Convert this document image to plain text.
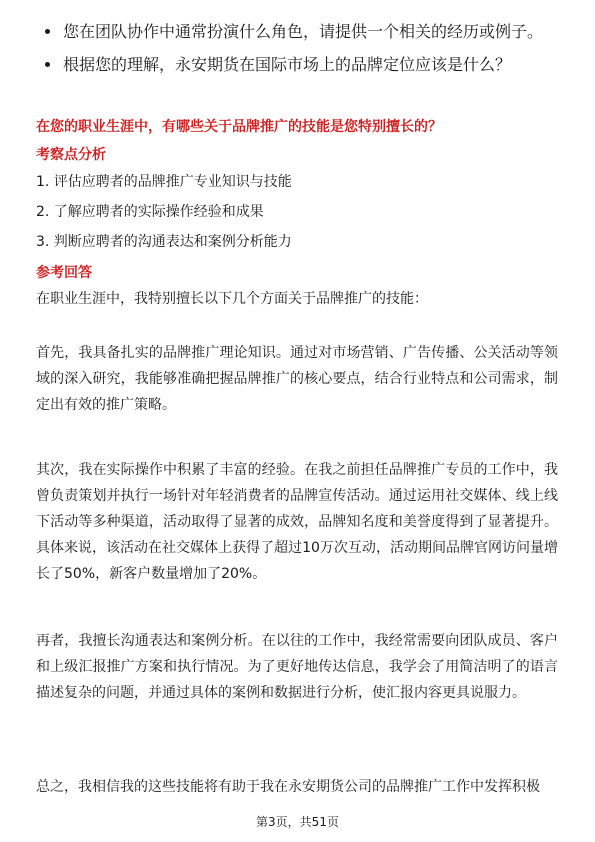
您在团队协作中通常扮演什么角色，请提供一个相关的经历或例子。
根据您的理解，永安期货在国际市场上的品牌定位应该是什么？
在您的职业生涯中，有哪些关于品牌推广的技能是您特别擅长的？
考察点分析
1. 评估应聘者的品牌推广专业知识与技能
2. 了解应聘者的实际操作经验和成果
3. 判断应聘者的沟通表达和案例分析能力
参考回答

在职业生涯中，我特别擅长以下几个方面关于品牌推广的技能：

首先，我具备扎实的品牌推广理论知识。通过对市场营销、广告传播、公关活动等领域的深入研究，我能够准确把握品牌推广的核心要点，结合行业特点和公司需求，制定出有效的推广策略。

其次，我在实际操作中积累了丰富的经验。在我之前担任品牌推广专员的工作中，我曾负责策划并执行一场针对年轻消费者的品牌宣传活动。通过运用社交媒体、线上线下活动等多种渠道，活动取得了显著的成效，品牌知名度和美誉度得到了显著提升。具体来说，该活动在社交媒体上获得了超过10万次互动，活动期间品牌官网访问量增长了50%，新客户数量增加了20%。

再者，我擅长沟通表达和案例分析。在以往的工作中，我经常需要向团队成员、客户和上级汇报推广方案和执行情况。为了更好地传达信息，我学会了用简洁明了的语言描述复杂的问题，并通过具体的案例和数据进行分析，使汇报内容更具说服力。

总之，我相信我的这些技能将有助于我在永安期货公司的品牌推广工作中发挥积极

第3页，共51页
